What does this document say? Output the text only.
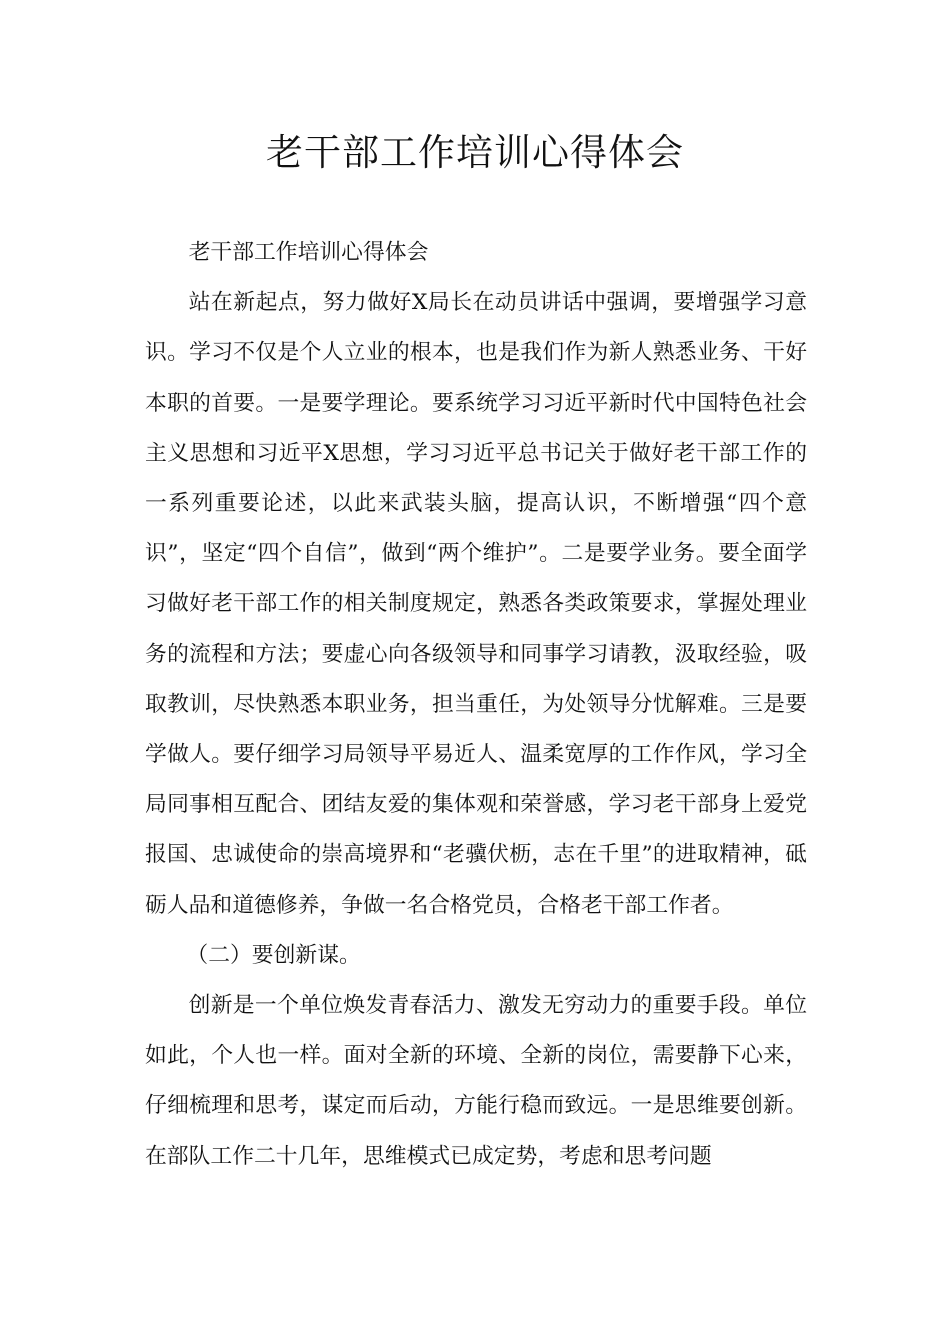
老干部工作培训心得体会

老干部工作培训心得体会

站在新起点，努力做好X局长在动员讲话中强调，要增强学习意识。学习不仅是个人立业的根本，也是我们作为新人熟悉业务、干好本职的首要。一是要学理论。要系统学习习近平新时代中国特色社会主义思想和习近平X思想，学习习近平总书记关于做好老干部工作的一系列重要论述，以此来武装头脑，提高认识，不断增强“四个意识”，坚定“四个自信”，做到“两个维护”。二是要学业务。要全面学习做好老干部工作的相关制度规定，熟悉各类政策要求，掌握处理业务的流程和方法；要虚心向各级领导和同事学习请教，汲取经验，吸取教训，尽快熟悉本职业务，担当重任，为处领导分忧解难。三是要学做人。要仔细学习局领导平易近人、温柔宽厚的工作作风，学习全局同事相互配合、团结友爱的集体观和荣誉感，学习老干部身上爱党报国、忠诚使命的崇高境界和“老骥伏枥，志在千里”的进取精神，砥砺人品和道德修养，争做一名合格党员，合格老干部工作者。

（二）要创新谋。

创新是一个单位焕发青春活力、激发无穷动力的重要手段。单位如此，个人也一样。面对全新的环境、全新的岗位，需要静下心来，仔细梳理和思考，谋定而后动，方能行稳而致远。一是思维要创新。在部队工作二十几年，思维模式已成定势，考虑和思考问题
